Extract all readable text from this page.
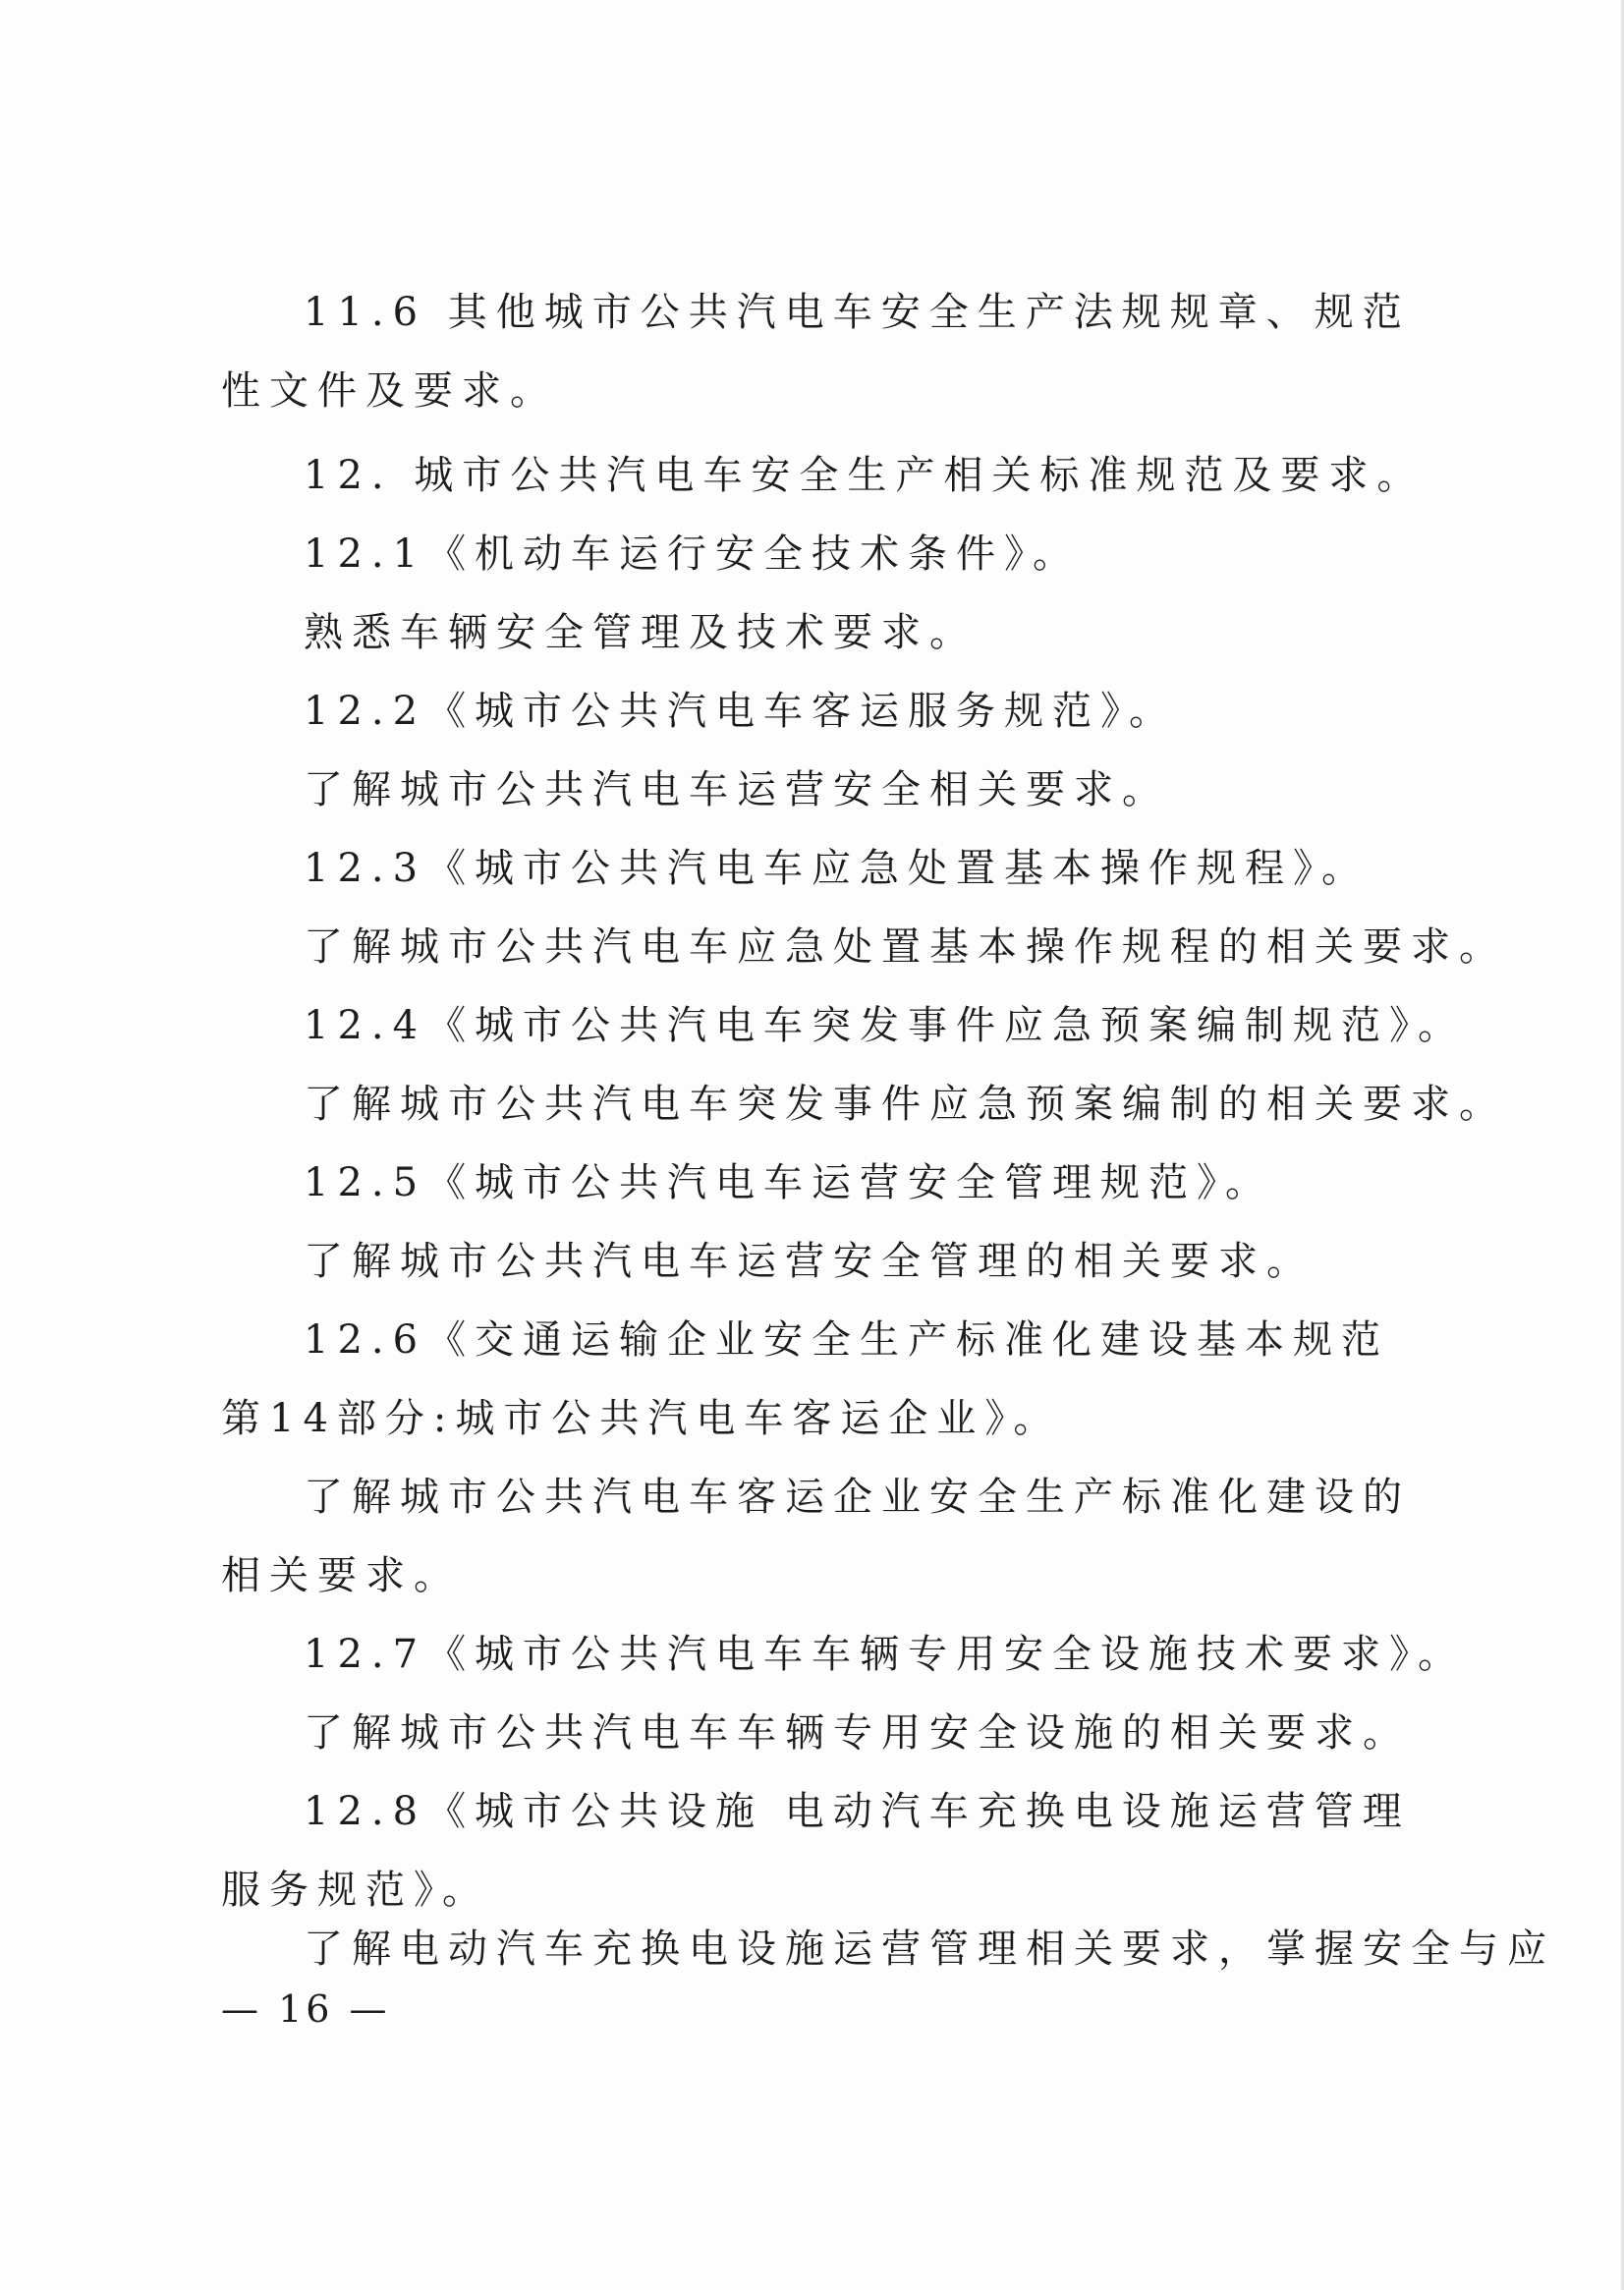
11.6 其他城市公共汽电车安全生产法规规章、规范性文件及要求。
12. 城市公共汽电车安全生产相关标准规范及要求。
12.1《机动车运行安全技术条件》。
熟悉车辆安全管理及技术要求。
12.2《城市公共汽电车客运服务规范》。
了解城市公共汽电车运营安全相关要求。
12.3《城市公共汽电车应急处置基本操作规程》。
了解城市公共汽电车应急处置基本操作规程的相关要求。
12.4《城市公共汽电车突发事件应急预案编制规范》。
了解城市公共汽电车突发事件应急预案编制的相关要求。
12.5《城市公共汽电车运营安全管理规范》。
了解城市公共汽电车运营安全管理的相关要求。
12.6《交通运输企业安全生产标准化建设基本规范 第14部分:城市公共汽电车客运企业》。
了解城市公共汽电车客运企业安全生产标准化建设的相关要求。
12.7《城市公共汽电车车辆专用安全设施技术要求》。
了解城市公共汽电车车辆专用安全设施的相关要求。
12.8《城市公共设施 电动汽车充换电设施运营管理服务规范》。
了解电动汽车充换电设施运营管理相关要求，掌握安全与应
— 16 —
